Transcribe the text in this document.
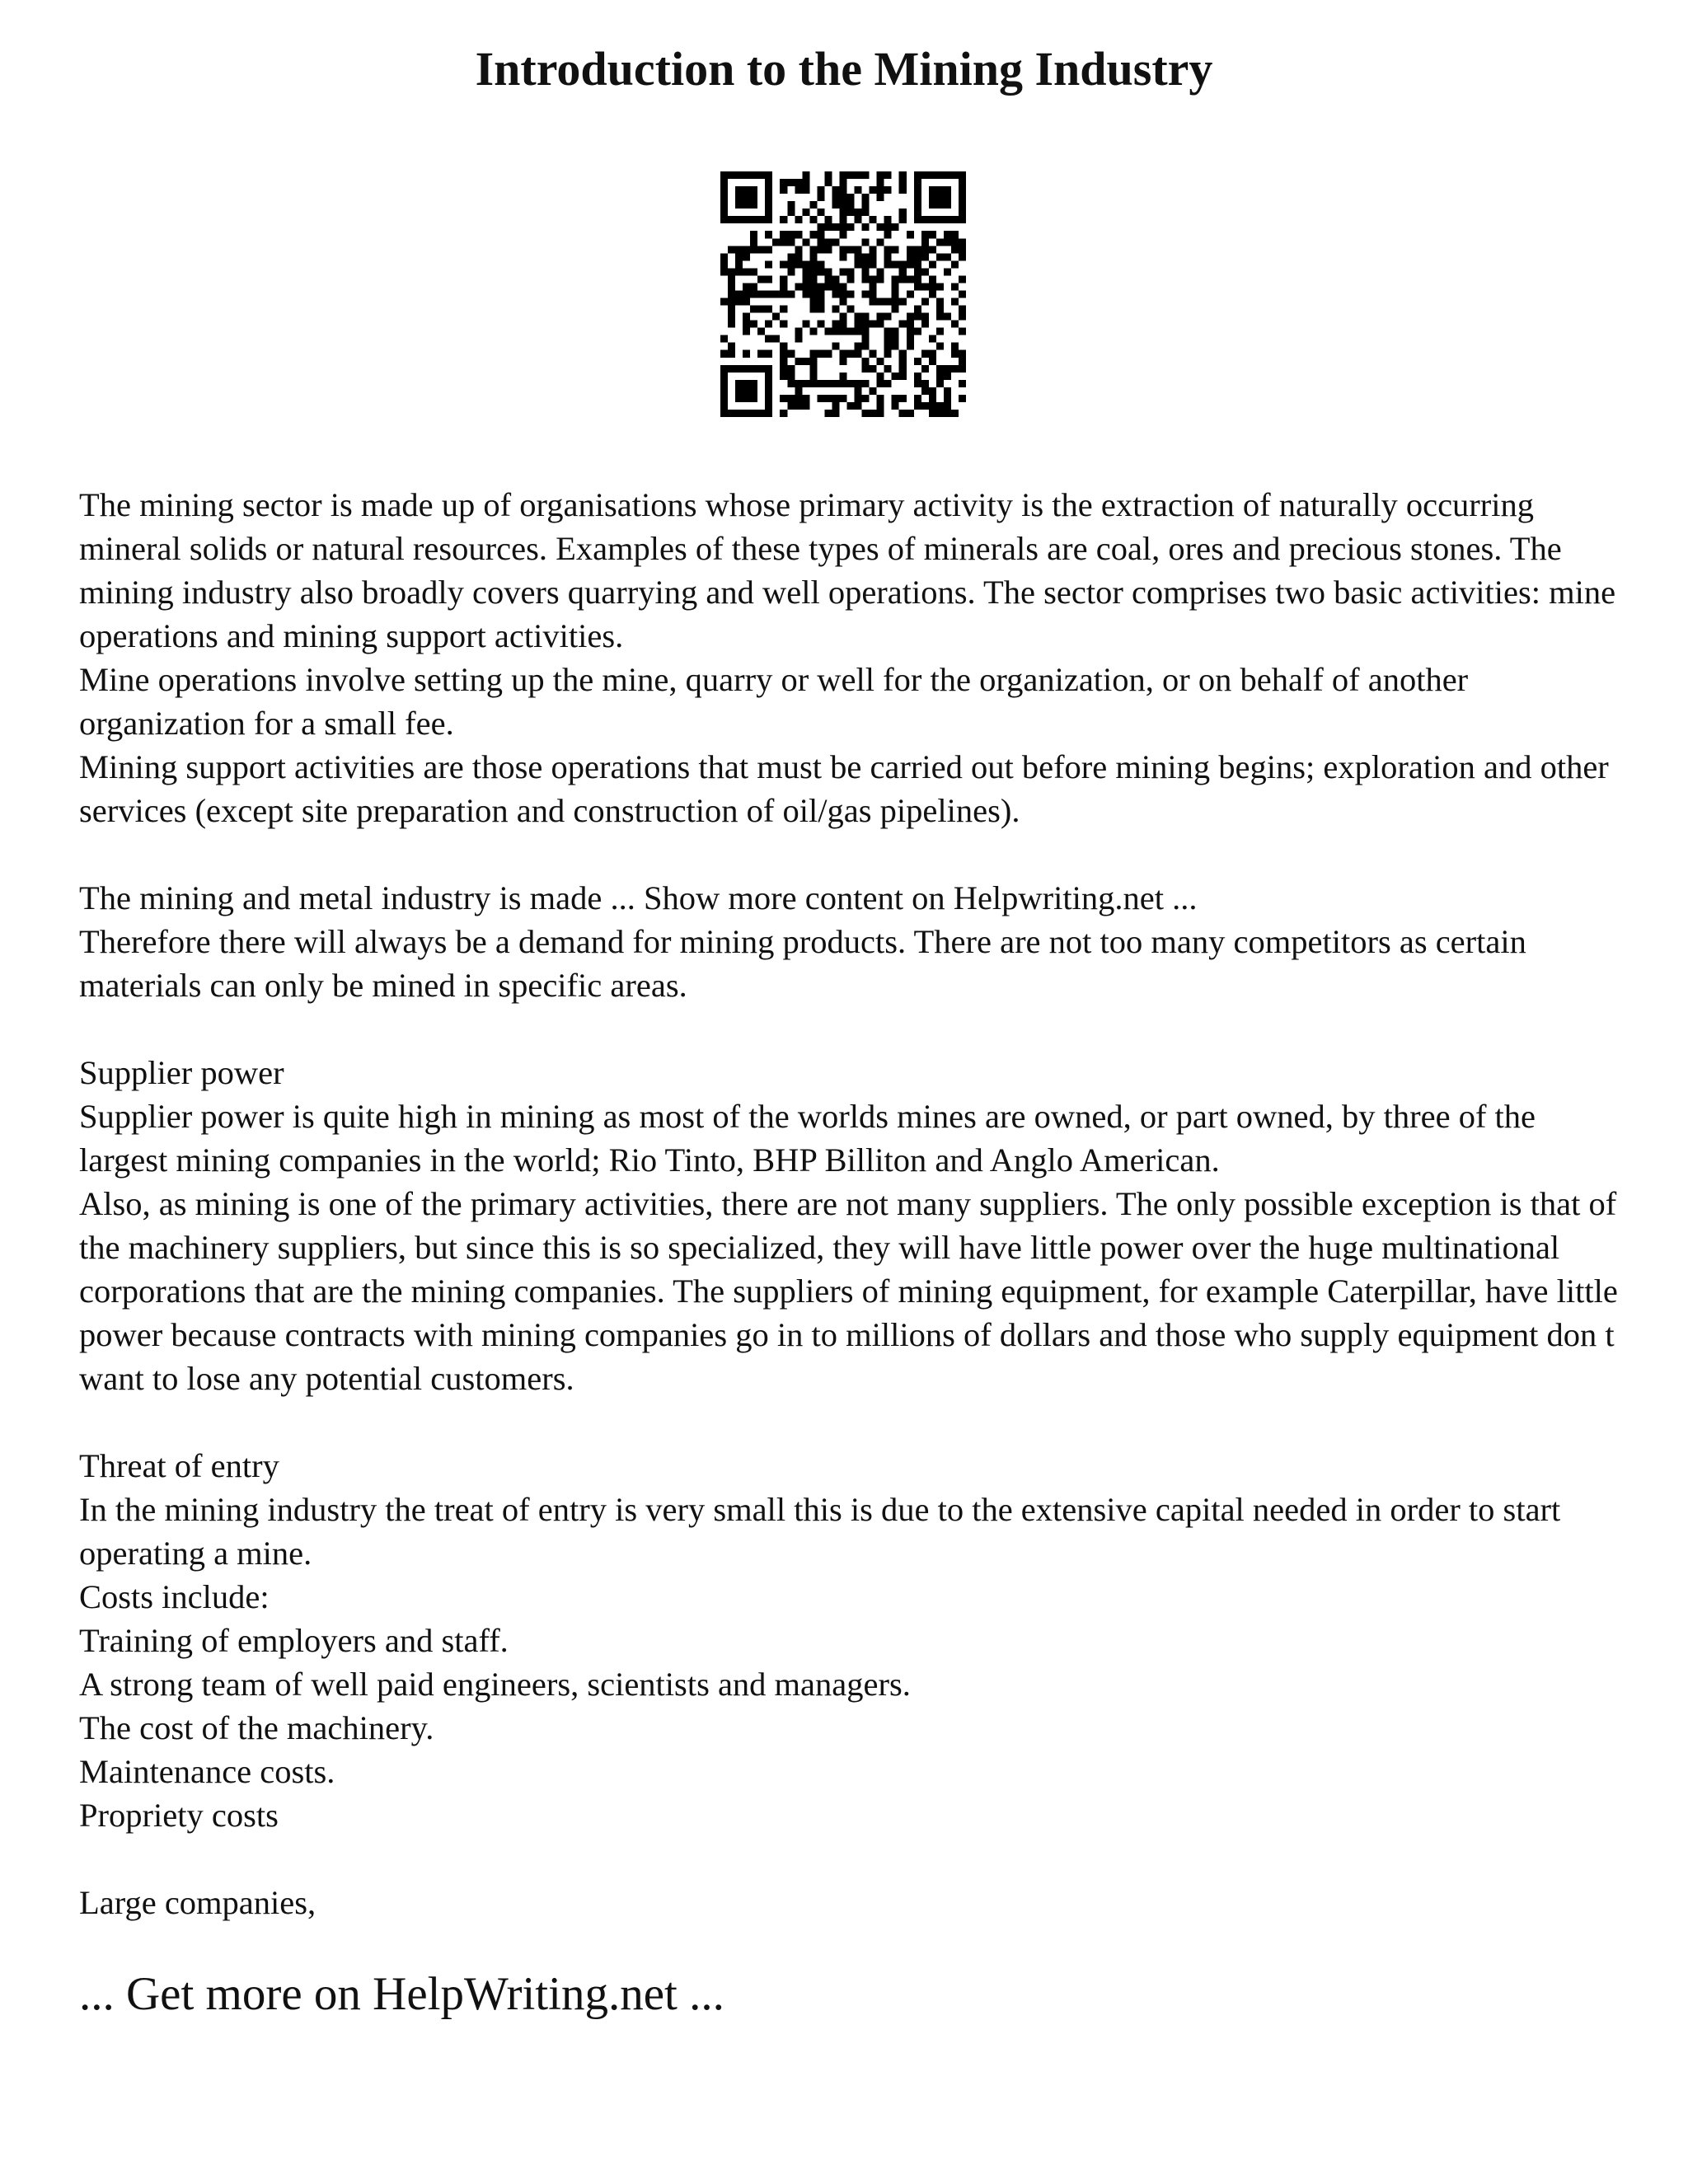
Introduction to the Mining Industry

The mining sector is made up of organisations whose primary activity is the extraction of naturally occurring mineral solids or natural resources. Examples of these types of minerals are coal, ores and precious stones. The mining industry also broadly covers quarrying and well operations. The sector comprises two basic activities: mine operations and mining support activities.

Mine operations involve setting up the mine, quarry or well for the organization, or on behalf of another organization for a small fee.

Mining support activities are those operations that must be carried out before mining begins; exploration and other services (except site preparation and construction of oil/gas pipelines).

The mining and metal industry is made ... Show more content on Helpwriting.net ...

Therefore there will always be a demand for mining products. There are not too many competitors as certain materials can only be mined in specific areas.

Supplier power

Supplier power is quite high in mining as most of the worlds mines are owned, or part owned, by three of the largest mining companies in the world; Rio Tinto, BHP Billiton and Anglo American.

Also, as mining is one of the primary activities, there are not many suppliers. The only possible exception is that of the machinery suppliers, but since this is so specialized, they will have little power over the huge multinational corporations that are the mining companies. The suppliers of mining equipment, for example Caterpillar, have little power because contracts with mining companies go in to millions of dollars and those who supply equipment don t want to lose any potential customers.

Threat of entry

In the mining industry the treat of entry is very small this is due to the extensive capital needed in order to start operating a mine.

Costs include:

Training of employers and staff.

A strong team of well paid engineers, scientists and managers.

The cost of the machinery.

Maintenance costs.

Propriety costs

Large companies,

... Get more on HelpWriting.net ...
